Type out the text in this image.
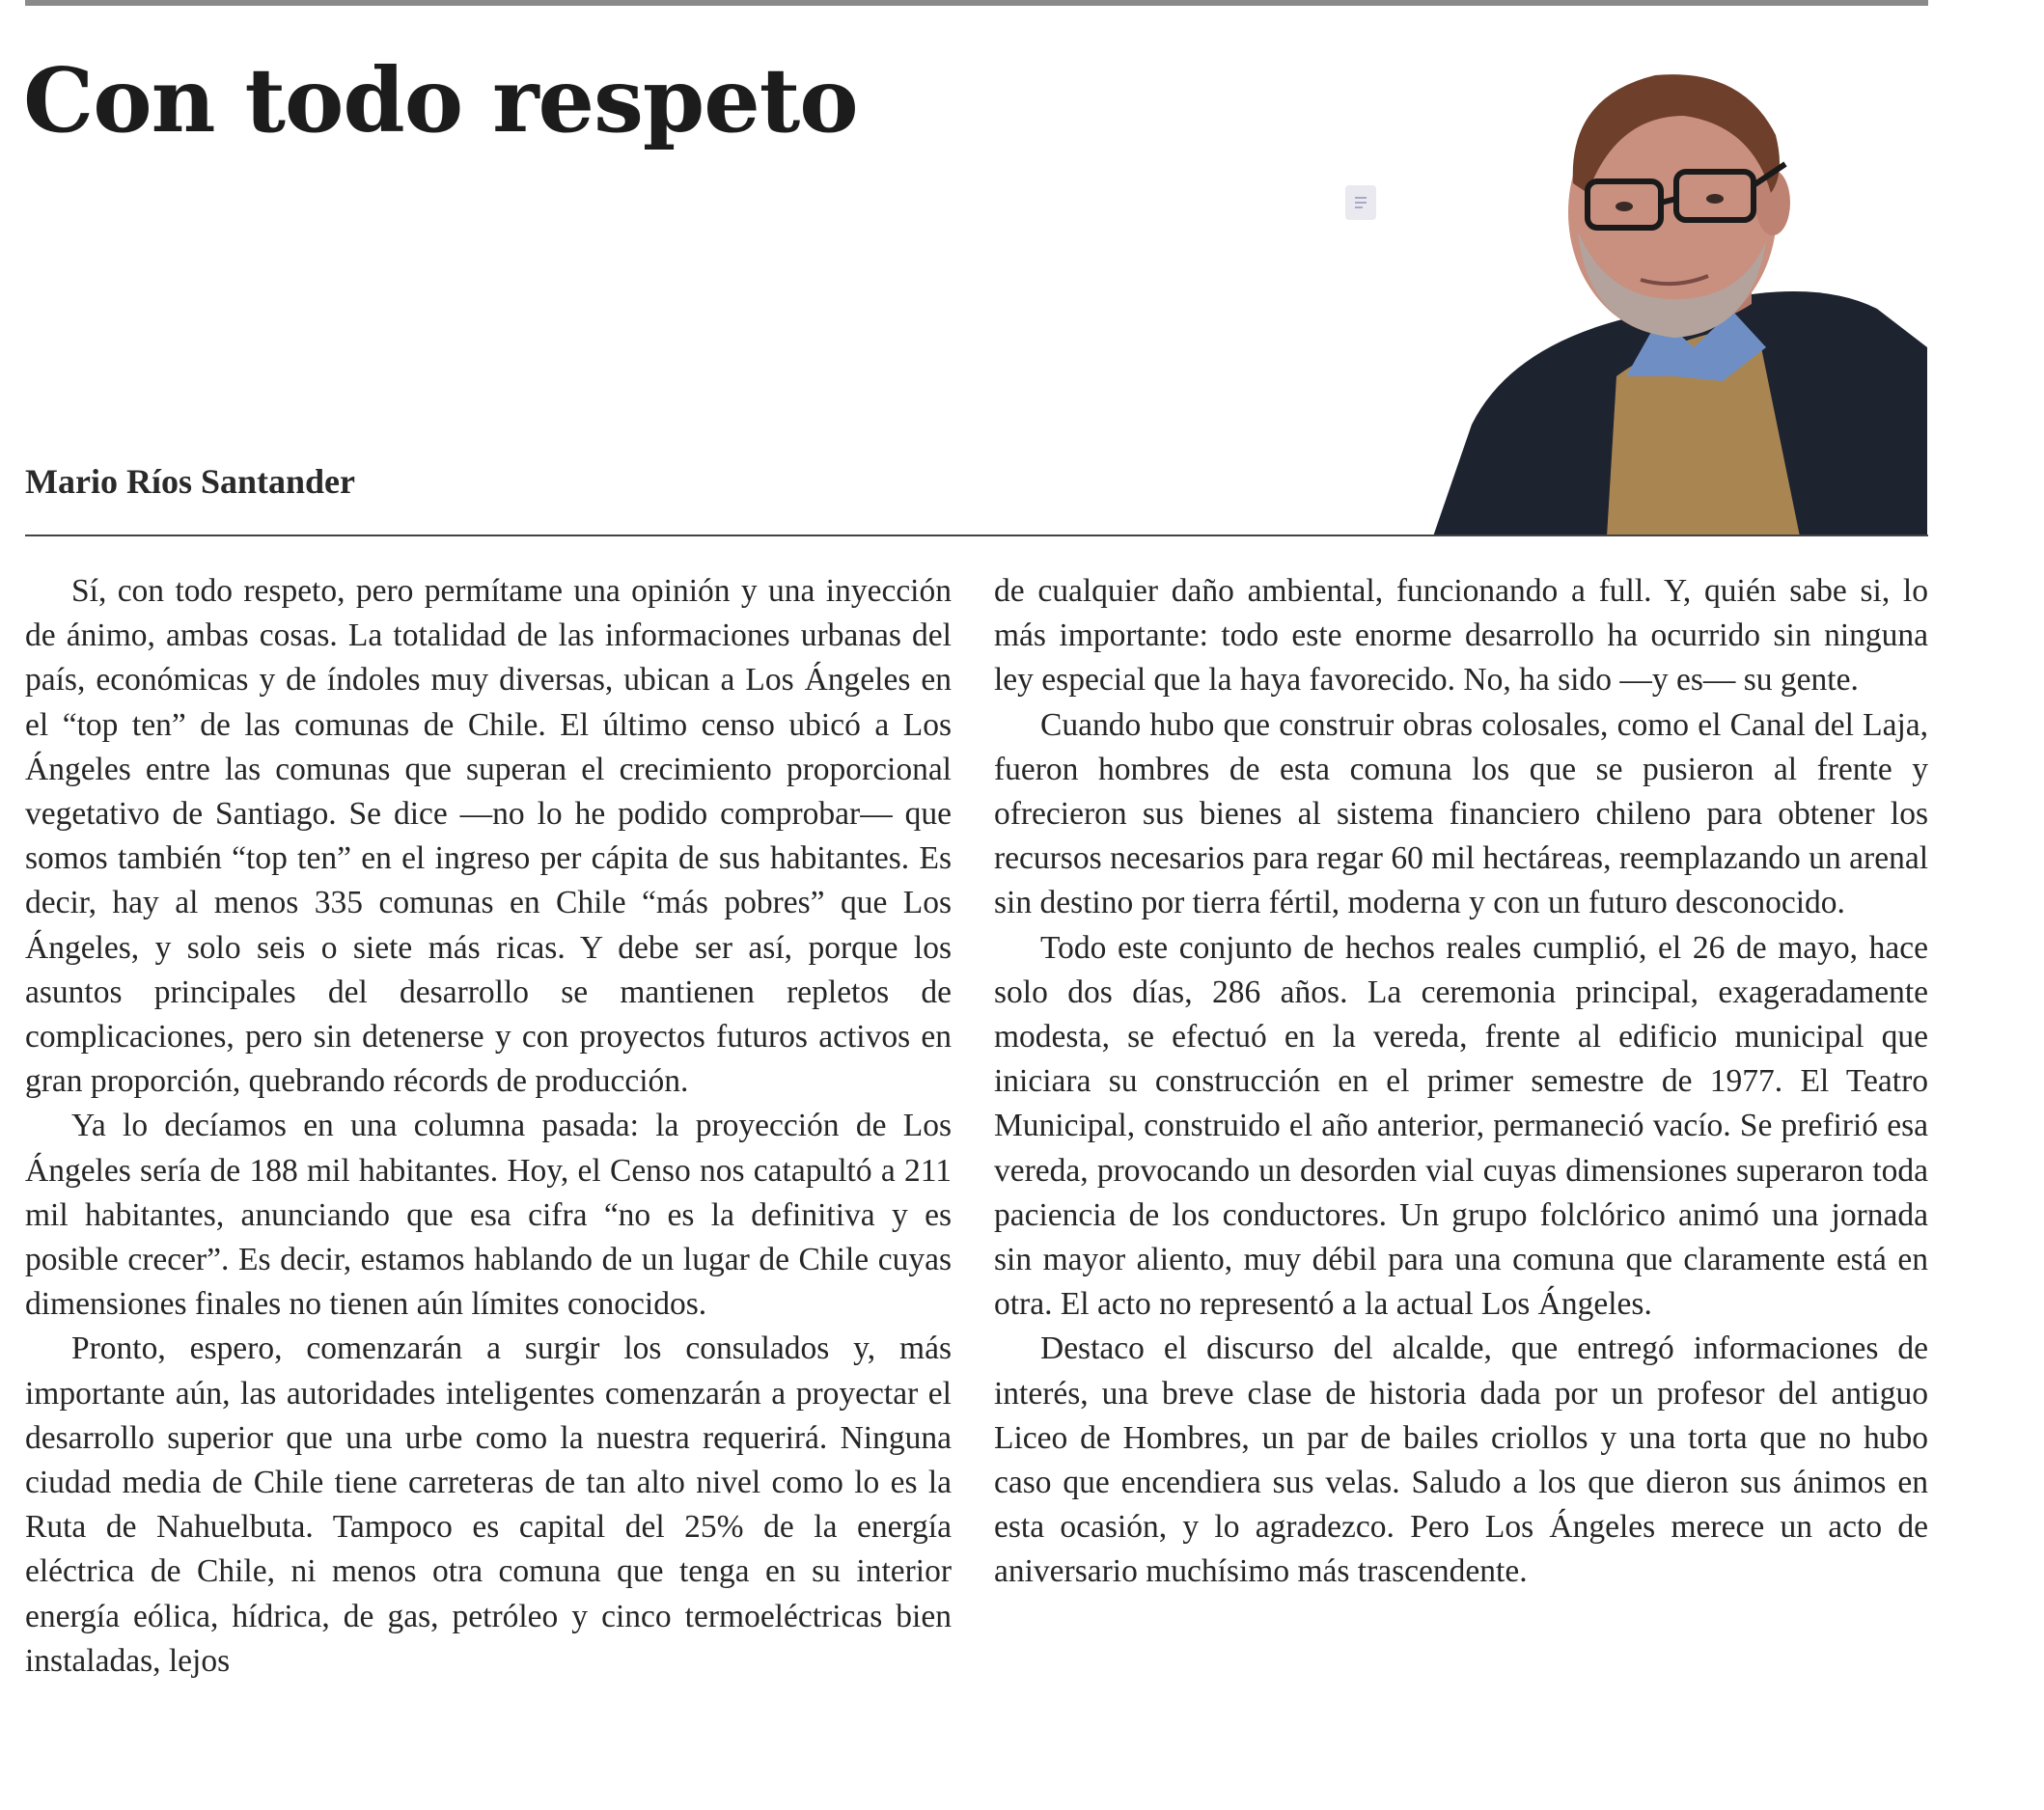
Con todo respeto
Mario Ríos Santander

Sí, con todo respeto, pero permítame una opinión y una inyección de ánimo, ambas cosas. La totalidad de las informaciones urbanas del país, económicas y de índoles muy diversas, ubican a Los Ángeles en el “top ten” de las comunas de Chile. El último censo ubicó a Los Ángeles entre las comunas que superan el crecimiento proporcional vegetativo de Santiago. Se dice —no lo he podido comprobar— que somos también “top ten” en el ingreso per cápita de sus habitantes. Es decir, hay al menos 335 comunas en Chile “más pobres” que Los Ángeles, y solo seis o siete más ricas. Y debe ser así, porque los asuntos principales del desarrollo se mantienen repletos de complicaciones, pero sin detenerse y con proyectos futuros activos en gran proporción, quebrando récords de producción.

Ya lo decíamos en una columna pasada: la proyección de Los Ángeles sería de 188 mil habitantes. Hoy, el Censo nos catapultó a 211 mil habitantes, anunciando que esa cifra “no es la definitiva y es posible crecer”. Es decir, estamos hablando de un lugar de Chile cuyas dimensiones finales no tienen aún límites conocidos.

Pronto, espero, comenzarán a surgir los consulados y, más importante aún, las autoridades inteligentes comenzarán a proyectar el desarrollo superior que una urbe como la nuestra requerirá. Ninguna ciudad media de Chile tiene carreteras de tan alto nivel como lo es la Ruta de Nahuelbuta. Tampoco es capital del 25% de la energía eléctrica de Chile, ni menos otra comuna que tenga en su interior energía eólica, hídrica, de gas, petróleo y cinco termoeléctricas bien instaladas, lejos

de cualquier daño ambiental, funcionando a full. Y, quién sabe si, lo más importante: todo este enorme desarrollo ha ocurrido sin ninguna ley especial que la haya favorecido. No, ha sido —y es— su gente.

Cuando hubo que construir obras colosales, como el Canal del Laja, fueron hombres de esta comuna los que se pusieron al frente y ofrecieron sus bienes al sistema financiero chileno para obtener los recursos necesarios para regar 60 mil hectáreas, reemplazando un arenal sin destino por tierra fértil, moderna y con un futuro desconocido.

Todo este conjunto de hechos reales cumplió, el 26 de mayo, hace solo dos días, 286 años. La ceremonia principal, exageradamente modesta, se efectuó en la vereda, frente al edificio municipal que iniciara su construcción en el primer semestre de 1977. El Teatro Municipal, construido el año anterior, permaneció vacío. Se prefirió esa vereda, provocando un desorden vial cuyas dimensiones superaron toda paciencia de los conductores. Un grupo folclórico animó una jornada sin mayor aliento, muy débil para una comuna que claramente está en otra. El acto no representó a la actual Los Ángeles.

Destaco el discurso del alcalde, que entregó informaciones de interés, una breve clase de historia dada por un profesor del antiguo Liceo de Hombres, un par de bailes criollos y una torta que no hubo caso que encendiera sus velas. Saludo a los que dieron sus ánimos en esta ocasión, y lo agradezco. Pero Los Ángeles merece un acto de aniversario muchísimo más trascendente.
